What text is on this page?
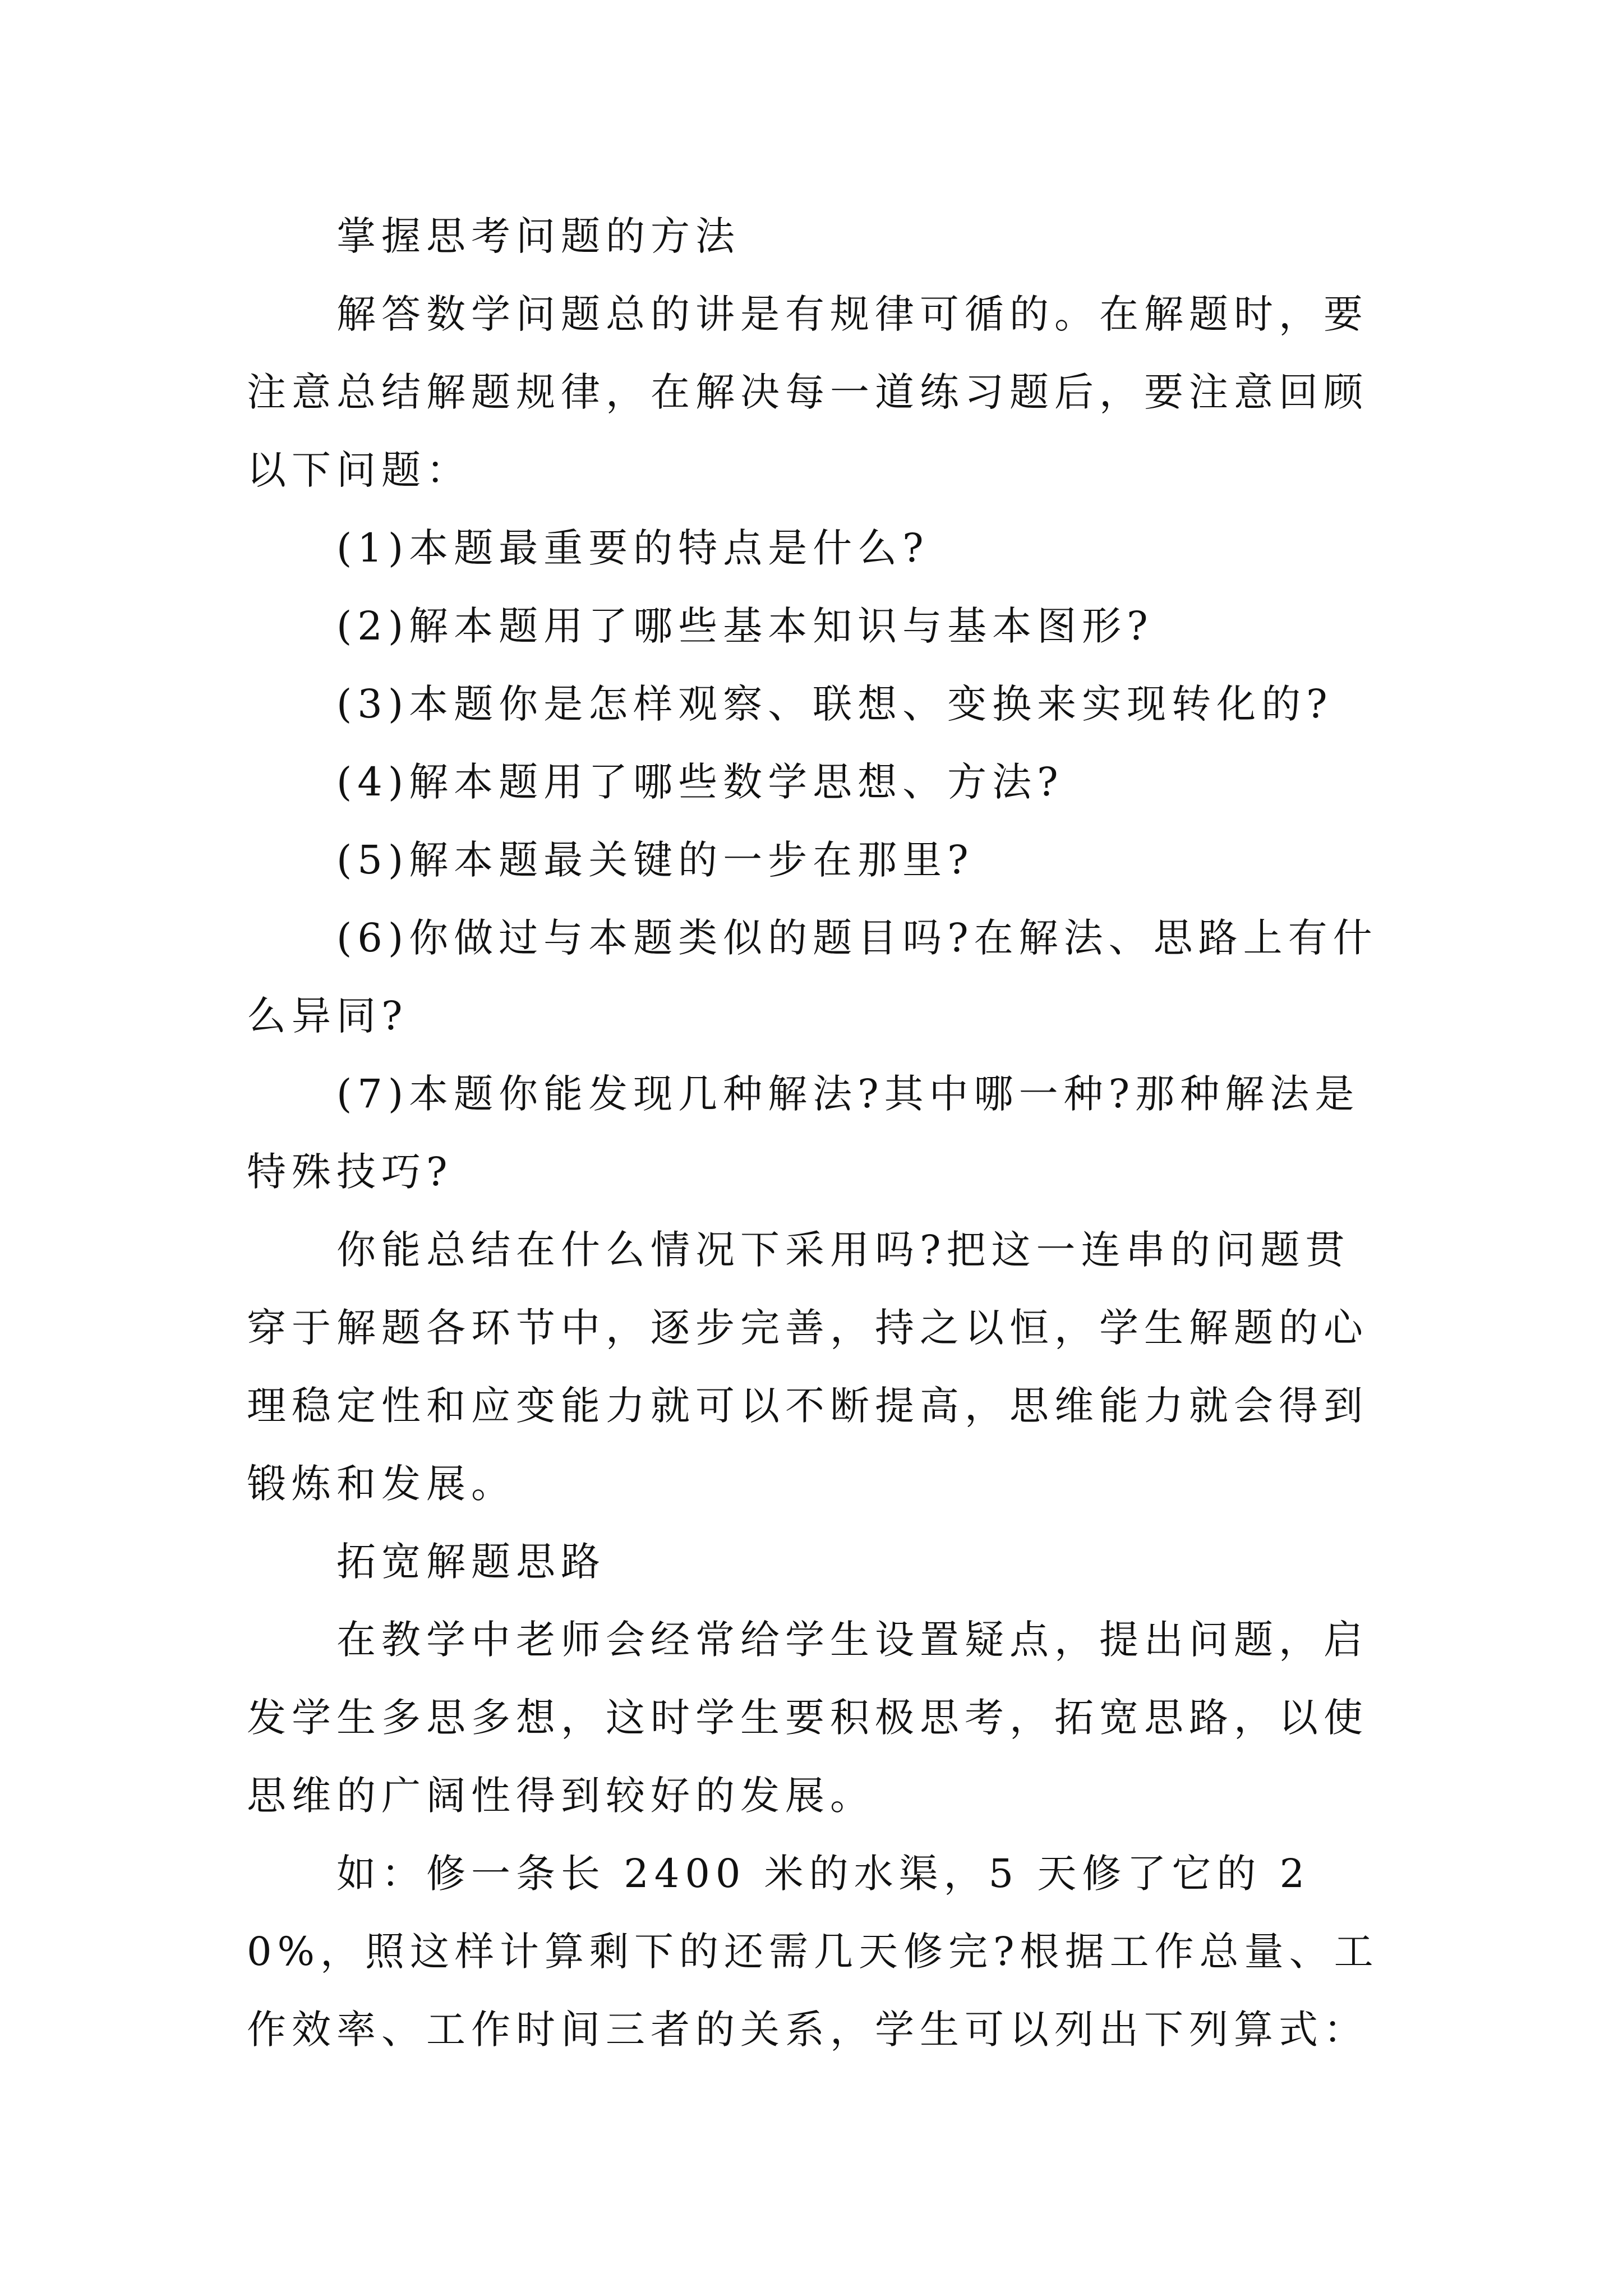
掌握思考问题的方法

解答数学问题总的讲是有规律可循的。在解题时，要注意总结解题规律，在解决每一道练习题后，要注意回顾以下问题：

(1)本题最重要的特点是什么?

(2)解本题用了哪些基本知识与基本图形?

(3)本题你是怎样观察、联想、变换来实现转化的?

(4)解本题用了哪些数学思想、方法?

(5)解本题最关键的一步在那里?

(6)你做过与本题类似的题目吗?在解法、思路上有什么异同?

(7)本题你能发现几种解法?其中哪一种?那种解法是特殊技巧?

你能总结在什么情况下采用吗?把这一连串的问题贯穿于解题各环节中，逐步完善，持之以恒，学生解题的心理稳定性和应变能力就可以不断提高，思维能力就会得到锻炼和发展。

拓宽解题思路

在教学中老师会经常给学生设置疑点，提出问题，启发学生多思多想，这时学生要积极思考，拓宽思路，以使思维的广阔性得到较好的发展。

如：修一条长 2400 米的水渠，5 天修了它的 20%，照这样计算剩下的还需几天修完?根据工作总量、工作效率、工作时间三者的关系，学生可以列出下列算式：
